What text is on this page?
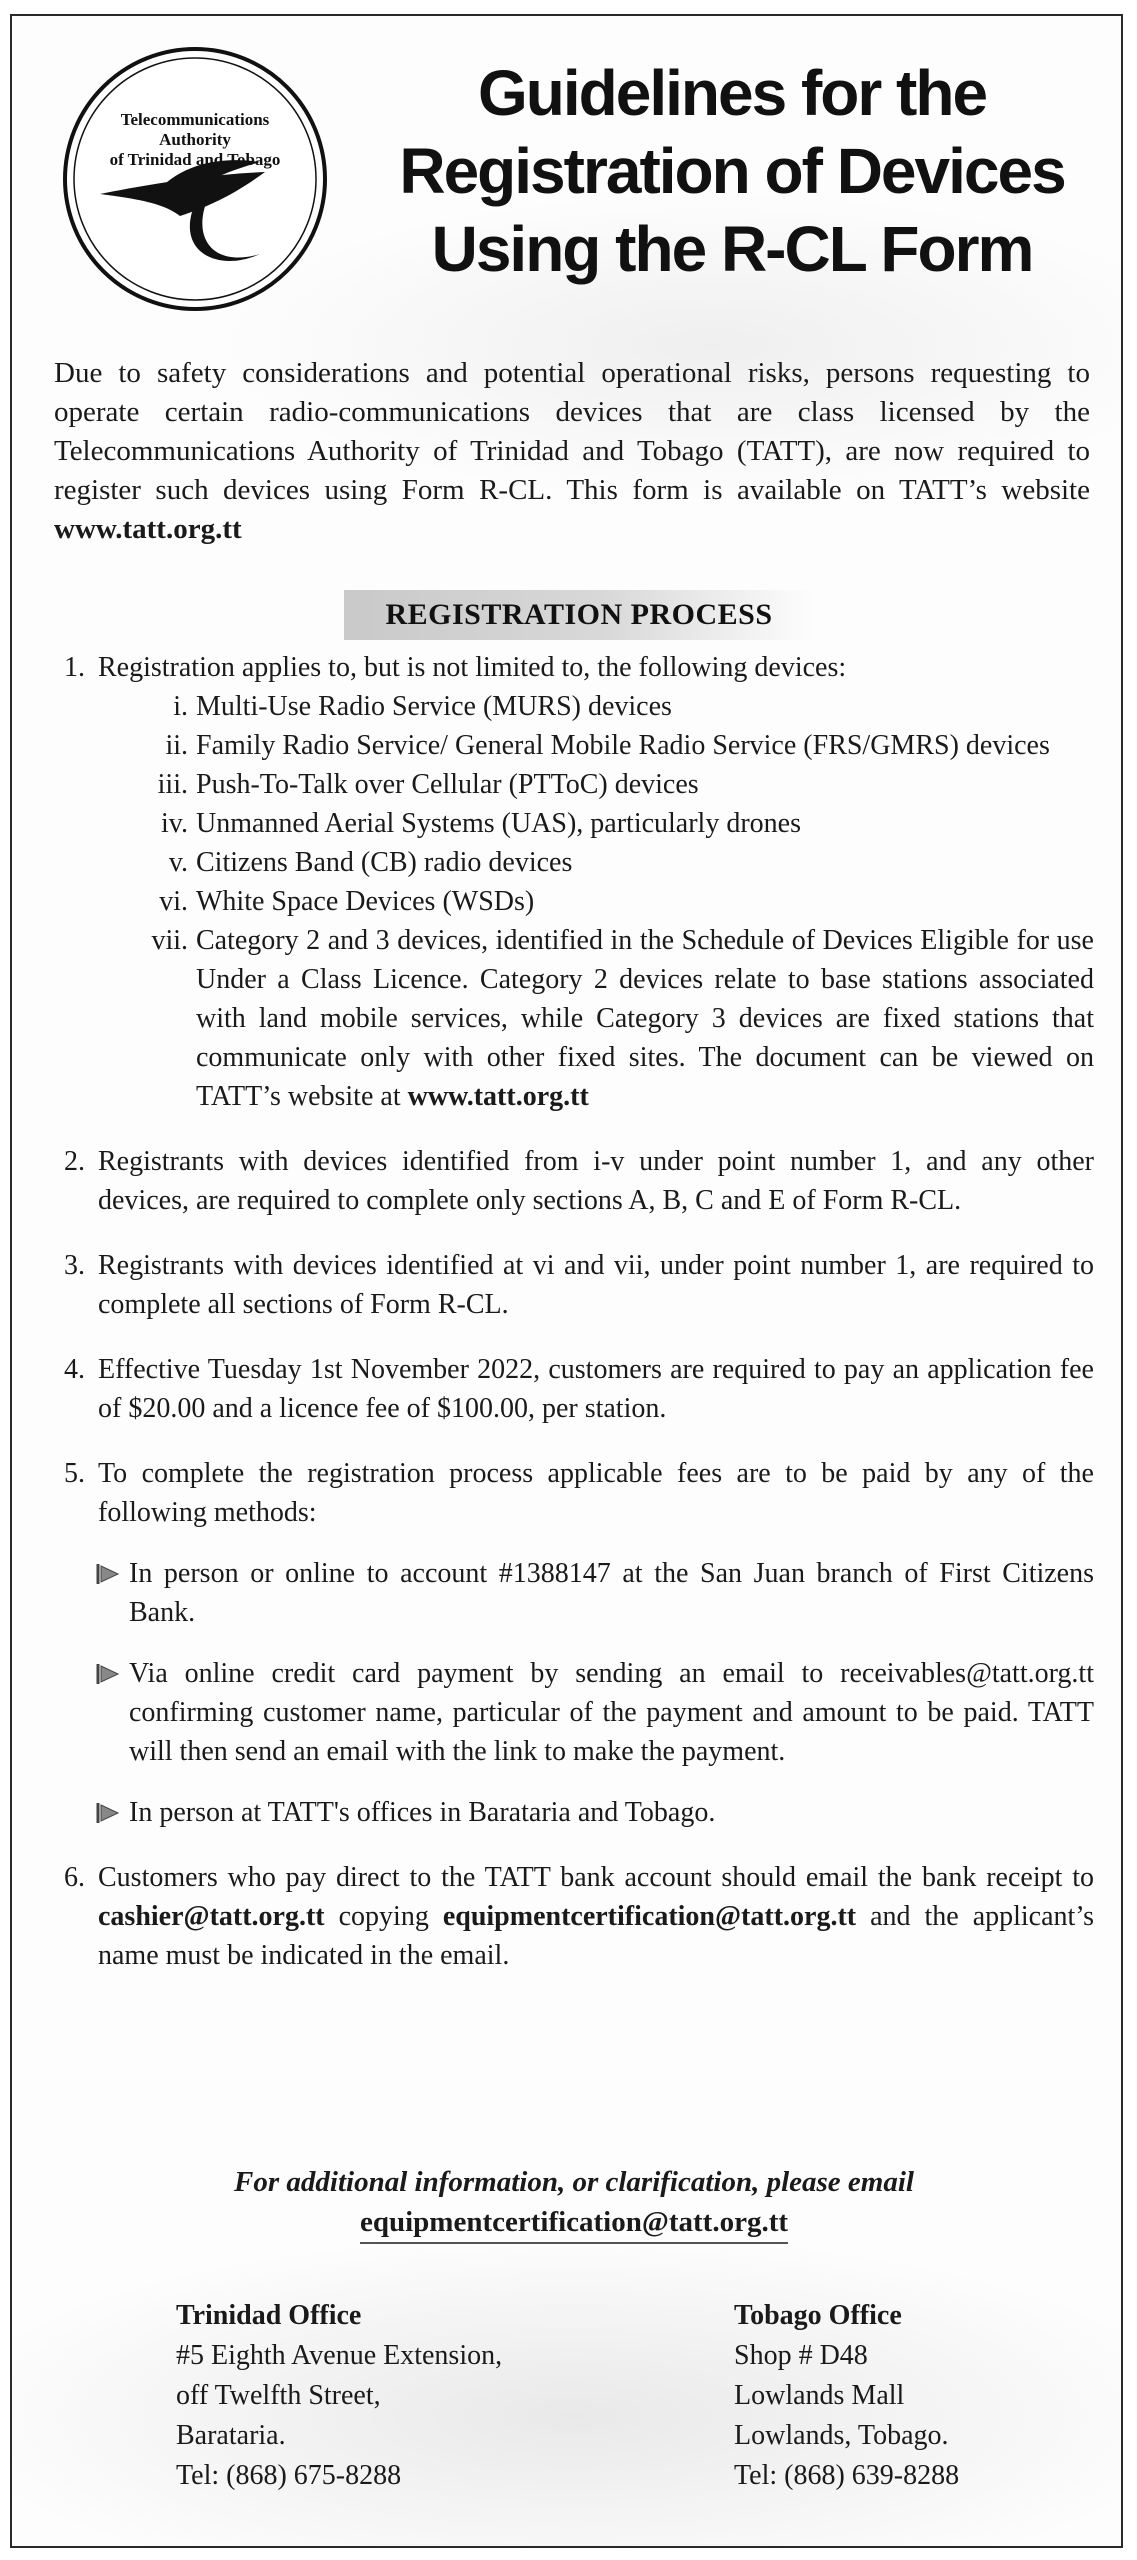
Telecommunications
Authority
of Trinidad and Tobago
Guidelines for the
Registration of Devices
Using the R-CL Form
Due to safety considerations and potential operational risks, persons requesting to operate certain radio-communications devices that are class licensed by the Telecommunications Authority of Trinidad and Tobago (TATT), are now required to register such devices using Form R-CL. This form is available on TATT’s website www.tatt.org.tt
REGISTRATION PROCESS
1. Registration applies to, but is not limited to, the following devices:
i. Multi-Use Radio Service (MURS) devices
ii. Family Radio Service/ General Mobile Radio Service (FRS/GMRS) devices
iii. Push-To-Talk over Cellular (PTToC) devices
iv. Unmanned Aerial Systems (UAS), particularly drones
v. Citizens Band (CB) radio devices
vi. White Space Devices (WSDs)
vii. Category 2 and 3 devices, identified in the Schedule of Devices Eligible for use Under a Class Licence. Category 2 devices relate to base stations associated with land mobile services, while Category 3 devices are fixed stations that communicate only with other fixed sites. The document can be viewed on TATT’s website at www.tatt.org.tt
2. Registrants with devices identified from i-v under point number 1, and any other devices, are required to complete only sections A, B, C and E of Form R-CL.
3. Registrants with devices identified at vi and vii, under point number 1, are required to complete all sections of Form R-CL.
4. Effective Tuesday 1st November 2022, customers are required to pay an application fee of $20.00 and a licence fee of $100.00, per station.
5. To complete the registration process applicable fees are to be paid by any of the following methods:
In person or online to account #1388147 at the San Juan branch of First Citizens Bank.
Via online credit card payment by sending an email to receivables@tatt.org.tt confirming customer name, particular of the payment and amount to be paid. TATT will then send an email with the link to make the payment.
In person at TATT's offices in Barataria and Tobago.
6. Customers who pay direct to the TATT bank account should email the bank receipt to cashier@tatt.org.tt copying equipmentcertification@tatt.org.tt and the applicant’s name must be indicated in the email.
For additional information, or clarification, please email
equipmentcertification@tatt.org.tt
Trinidad Office
#5 Eighth Avenue Extension,
off Twelfth Street,
Barataria.
Tel: (868) 675-8288
Tobago Office
Shop # D48
Lowlands Mall
Lowlands, Tobago.
Tel: (868) 639-8288
